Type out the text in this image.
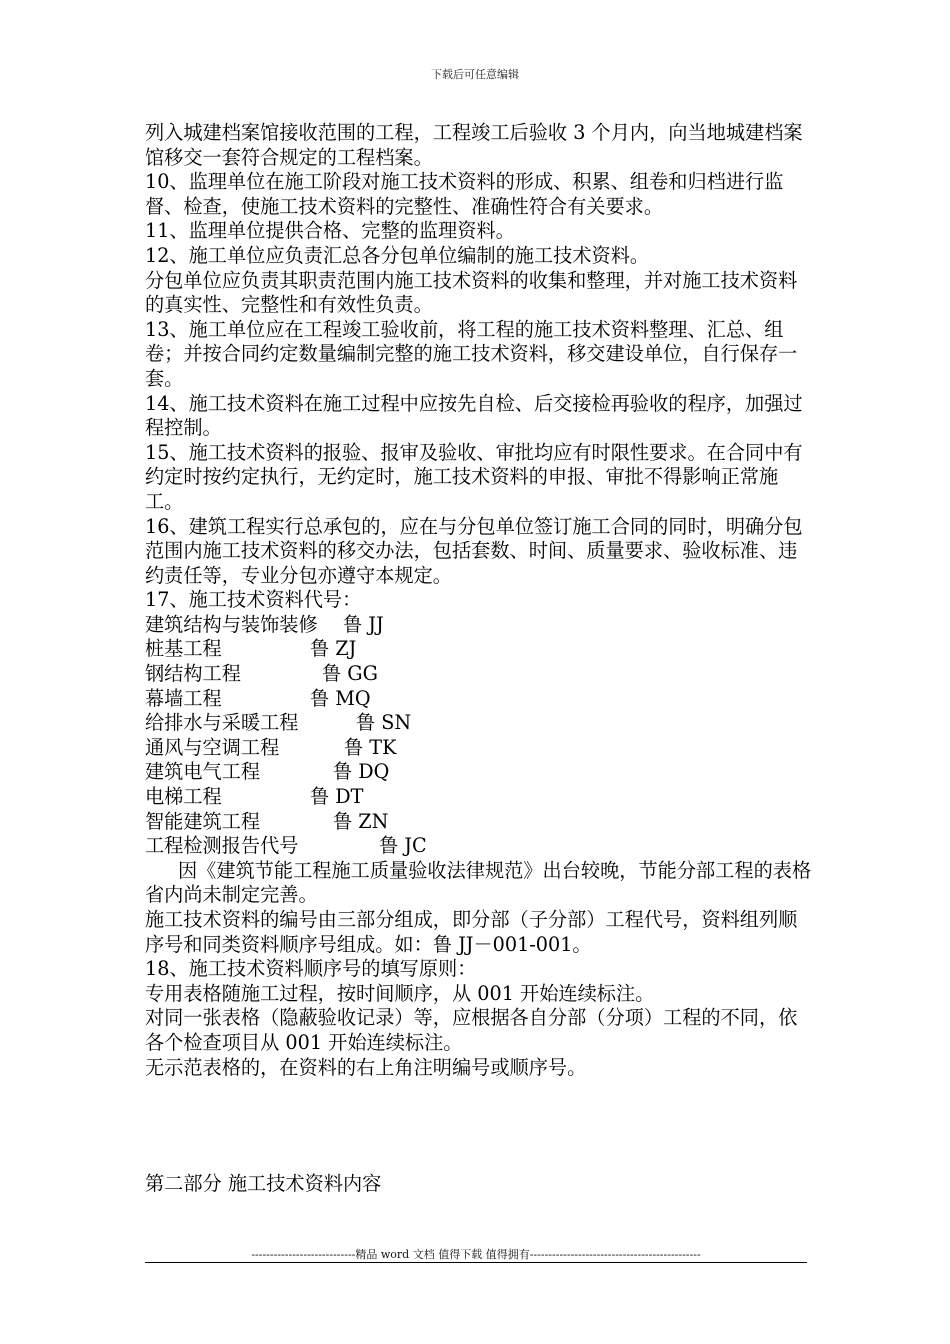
下载后可任意编辑

列入城建档案馆接收范围的工程，工程竣工后验收 3 个月内，向当地城建档案馆移交一套符合规定的工程档案。

10、监理单位在施工阶段对施工技术资料的形成、积累、组卷和归档进行监督、检查，使施工技术资料的完整性、准确性符合有关要求。

11、监理单位提供合格、完整的监理资料。

12、施工单位应负责汇总各分包单位编制的施工技术资料。

分包单位应负责其职责范围内施工技术资料的收集和整理，并对施工技术资料的真实性、完整性和有效性负责。

13、施工单位应在工程竣工验收前，将工程的施工技术资料整理、汇总、组卷；并按合同约定数量编制完整的施工技术资料，移交建设单位，自行保存一套。

14、施工技术资料在施工过程中应按先自检、后交接检再验收的程序，加强过程控制。

15、施工技术资料的报验、报审及验收、审批均应有时限性要求。在合同中有约定时按约定执行，无约定时，施工技术资料的申报、审批不得影响正常施工。

16、建筑工程实行总承包的，应在与分包单位签订施工合同的同时，明确分包范围内施工技术资料的移交办法，包括套数、时间、质量要求、验收标准、违约责任等，专业分包亦遵守本规定。

17、施工技术资料代号：

建筑结构与装饰装修	鲁 JJ
桩基工程	鲁 ZJ
钢结构工程	鲁 GG
幕墙工程	鲁 MQ
给排水与采暖工程	鲁 SN
通风与空调工程	鲁 TK
建筑电气工程	鲁 DQ
电梯工程	鲁 DT
智能建筑工程	鲁 ZN
工程检测报告代号	鲁 JC

因《建筑节能工程施工质量验收法律规范》出台较晚，节能分部工程的表格省内尚未制定完善。

施工技术资料的编号由三部分组成，即分部（子分部）工程代号，资料组列顺序号和同类资料顺序号组成。如：鲁 JJ－001-001。

18、施工技术资料顺序号的填写原则：

专用表格随施工过程，按时间顺序，从 001 开始连续标注。

对同一张表格（隐蔽验收记录）等，应根据各自分部（分项）工程的不同，依各个检查项目从 001 开始连续标注。

无示范表格的，在资料的右上角注明编号或顺序号。

第二部分 施工技术资料内容
----------------------------精品 word 文档 值得下载 值得拥有----------------------------------------------
